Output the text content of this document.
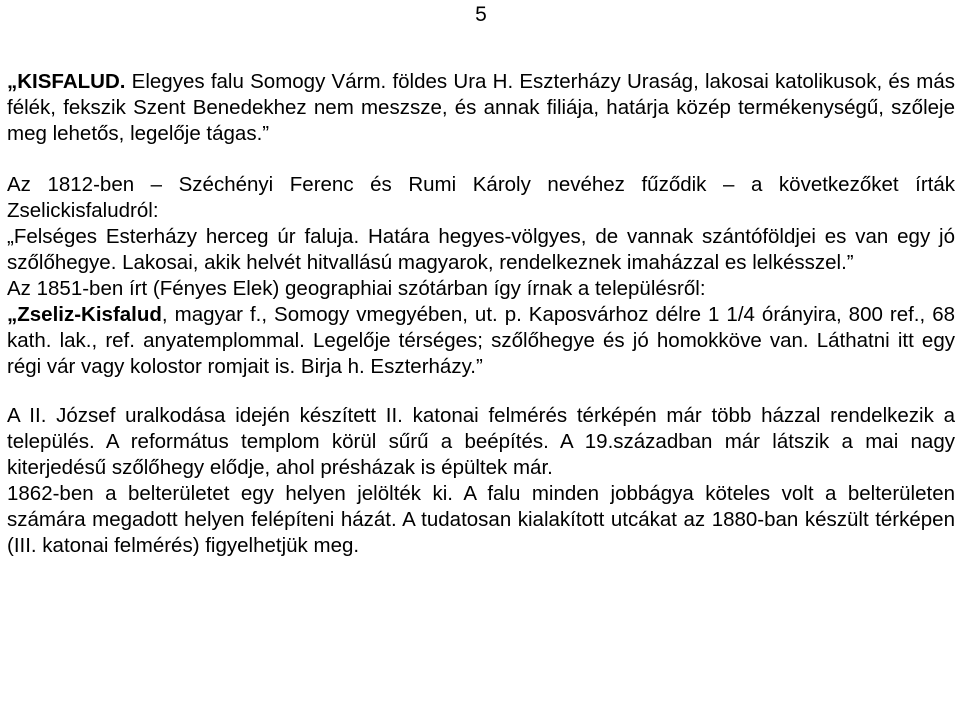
5

„KISFALUD. Elegyes falu Somogy Várm. földes Ura H. Eszterházy Uraság, lakosai katolikusok, és más félék, fekszik Szent Benedekhez nem meszsze, és annak filiája, határja közép termékenységű, szőleje meg lehetős, legelője tágas.”

Az 1812-ben – Széchényi Ferenc és Rumi Károly nevéhez fűződik – a következőket írták Zselickisfaludról:

„Felséges Esterházy herceg úr faluja. Határa hegyes-völgyes, de vannak szántóföldjei es van egy jó szőlőhegye. Lakosai, akik helvét hitvallású magyarok, rendelkeznek imaházzal es lelkésszel.”

Az 1851-ben írt (Fényes Elek) geographiai szótárban így írnak a településről:

„Zseliz-Kisfalud, magyar f., Somogy vmegyében, ut. p. Kaposvárhoz délre 1 1/4 órányira, 800 ref., 68 kath. lak., ref. anyatemplommal. Legelője térséges; szőlőhegye és jó homokköve van. Láthatni itt egy régi vár vagy kolostor romjait is. Birja h. Eszterházy.”

A II. József uralkodása idején készített II. katonai felmérés térképén már több házzal rendelkezik a település. A református templom körül sűrű a beépítés. A 19.században már látszik a mai nagy kiterjedésű szőlőhegy elődje, ahol présházak is épültek már.

1862-ben a belterületet egy helyen jelölték ki. A falu minden jobbágya köteles volt a belterületen számára megadott helyen felépíteni házát. A tudatosan kialakított utcákat az 1880-ban készült térképen (III. katonai felmérés) figyelhetjük meg.
